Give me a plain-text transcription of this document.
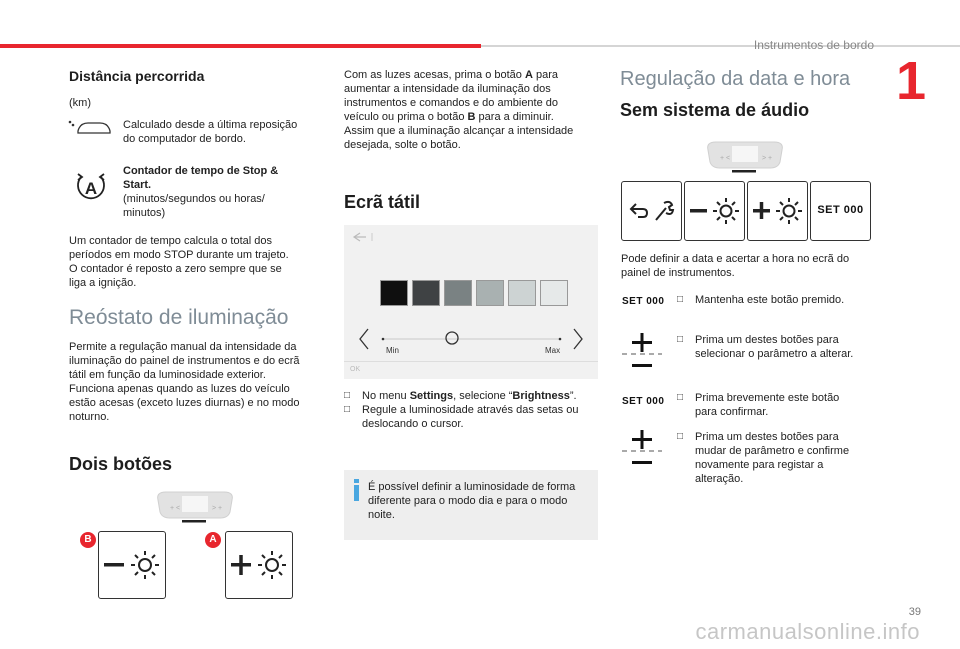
Instrumentos de bordo
1
Distância percorrida
(km)
Calculado desde a última reposição
do computador de bordo.
A
Contador de tempo de Stop &
Start.
(minutos/segundos ou horas/
minutos)
Um contador de tempo calcula o total dos
períodos em modo STOP durante um trajeto.
O contador é reposto a zero sempre que se
liga a ignição.
Reóstato de iluminação
Permite a regulação manual da intensidade da
iluminação do painel de instrumentos e do ecrã
tátil em função da luminosidade exterior.
Funciona apenas quando as luzes do veículo
estão acesas (exceto luzes diurnas) e no modo
noturno.
Dois botões
+ <	> +
B	A
Com as luzes acesas, prima o botão A para
aumentar a intensidade da iluminação dos
instrumentos e comandos e do ambiente do
veículo ou prima o botão B para a diminuir.
Assim que a iluminação alcançar a intensidade
desejada, solte o botão.
Ecrã tátil
Min	Max
OK
□ No menu Settings, selecione “Brightness”.
□ Regule a luminosidade através das setas ou
deslocando o cursor.
É possível definir a luminosidade de forma
diferente para o modo dia e para o modo
noite.
Regulação da data e hora
Sem sistema de áudio
+ <	> +
SET 000
Pode definir a data e acertar a hora no ecrã do
painel de instrumentos.
SET 000 □ Mantenha este botão premido.
□ Prima um destes botões para
selecionar o parâmetro a alterar.
SET 000 □ Prima brevemente este botão
para confirmar.
□ Prima um destes botões para
mudar de parâmetro e confirme
novamente para registar a
alteração.
39
carmanualsonline.info
